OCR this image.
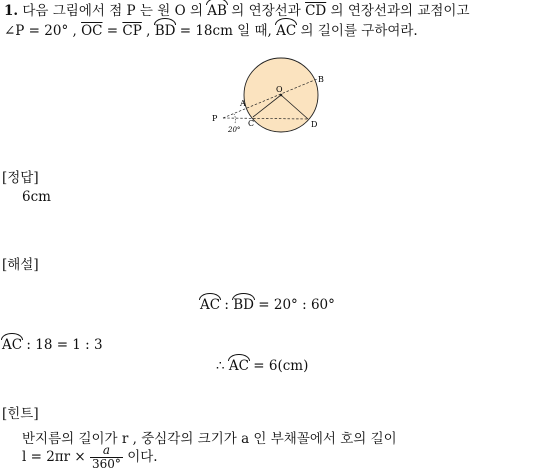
1. 다음 그림에서 점 P 는 원 O 의 AB 의 연장선과 $\overline{CD}$ 의 연장선과의 교점이고
∠P = 20° , $\overline{OC} = \overline{CP}$ , BD = 18cm 일 때, AC 의 길이를 구하여라.
O
A
B
C	D
P
20°
[정답]
6cm
[해설]
AC : BD = 20° : 60°
AC : 18 = 1 : 3
∴ AC = 6(cm)
[힌트]
반지름의 길이가 r , 중심각의 크기가 a 인 부채꼴에서 호의 길이
$l = 2\pi r \times \frac{a}{360^\circ}$ 이다.
